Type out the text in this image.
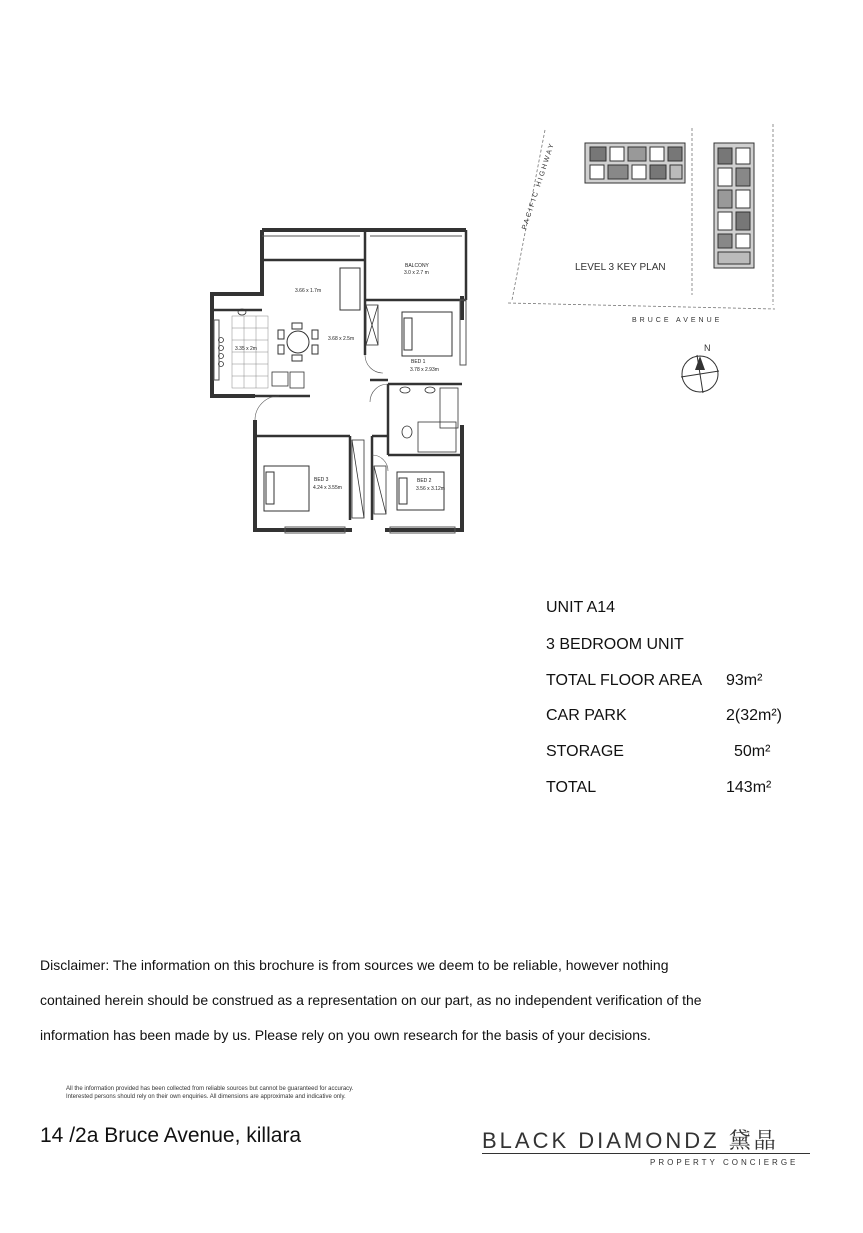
BALCONY
3.0 x 2.7 m
3.66 x 1.7m
3.68 x 2.5m
3.35 x 2m
BED 1
3.78 x 2.93m
BED 3
4.24 x 3.55m
BED 2
3.56 x 3.12m
PACIFIC HIGHWAY
LEVEL 3 KEY PLAN
BRUCE AVENUE
N
UNIT A14
3 BEDROOM UNIT
TOTAL FLOOR AREA 93m²
CAR PARK	2(32m²)
STORAGE	50m²
TOTAL	143m²
Disclaimer: The information on this brochure is from sources we deem to be reliable, however nothing
contained herein should be construed as a representation on our part, as no independent verification of the
information has been made by us. Please rely on you own research for the basis of your decisions.
All the information provided has been collected from reliable sources but cannot be guaranteed for accuracy.
Interested persons should rely on their own enquiries. All dimensions are approximate and indicative only.
14 /2a Bruce Avenue, killara	BLACK DIAMONDZ 黛晶
PROPERTY CONCIERGE
